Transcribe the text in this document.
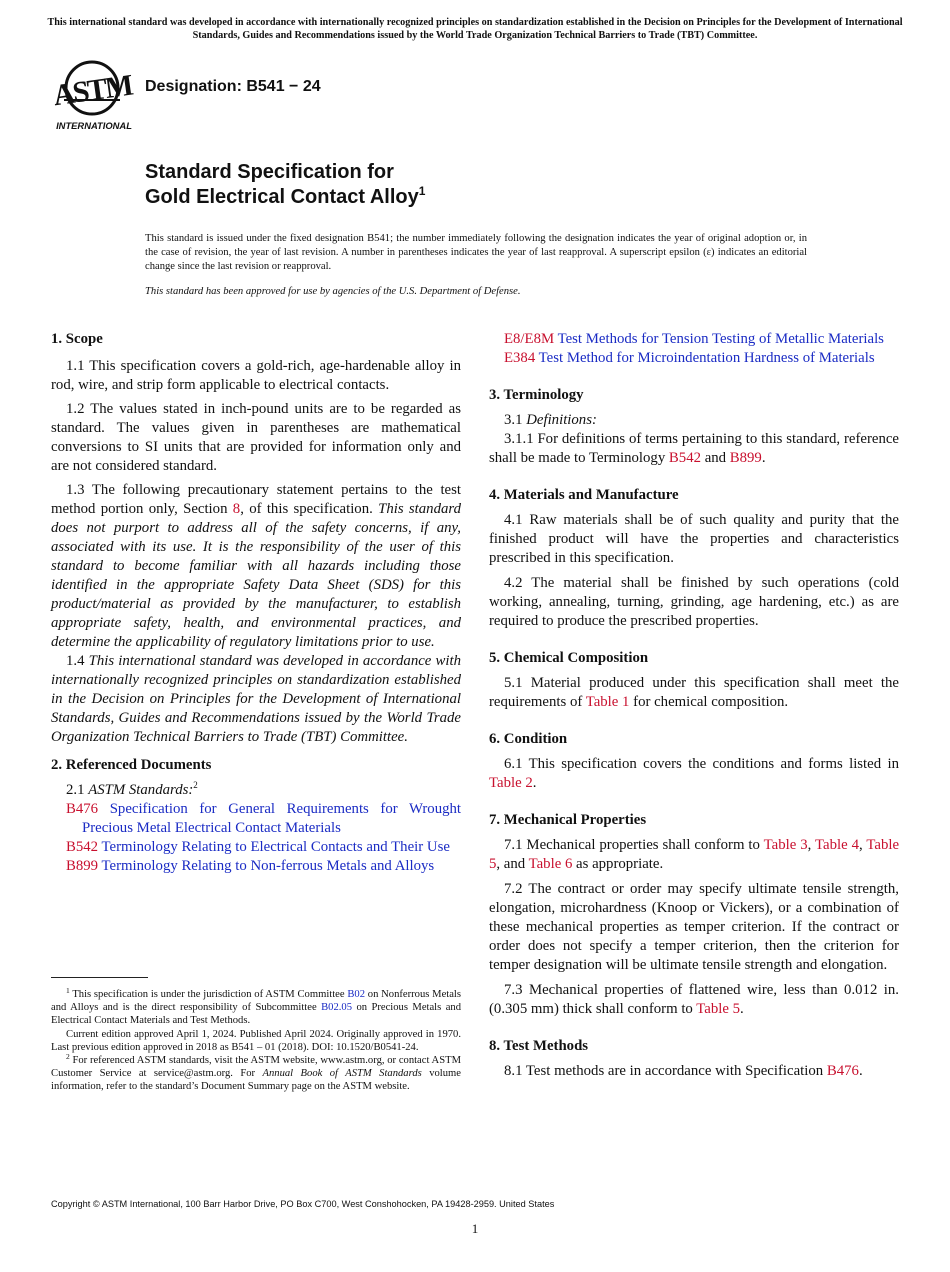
This international standard was developed in accordance with internationally recognized principles on standardization established in the Decision on Principles for the Development of International Standards, Guides and Recommendations issued by the World Trade Organization Technical Barriers to Trade (TBT) Committee.
ASTM
INTERNATIONAL
Designation: B541 − 24
Standard Specification for
Gold Electrical Contact Alloy$^1$
This standard is issued under the fixed designation B541; the number immediately following the designation indicates the year of original adoption or, in the case of revision, the year of last revision. A number in parentheses indicates the year of last reapproval. A superscript epsilon (ε) indicates an editorial change since the last revision or reapproval.
This standard has been approved for use by agencies of the U.S. Department of Defense.

1. Scope

1.1 This specification covers a gold-rich, age-hardenable alloy in rod, wire, and strip form applicable to electrical contacts.

1.2 The values stated in inch-pound units are to be regarded as standard. The values given in parentheses are mathematical conversions to SI units that are provided for information only and are not considered standard.

1.3 The following precautionary statement pertains to the test method portion only, Section 8, of this specification. This standard does not purport to address all of the safety concerns, if any, associated with its use. It is the responsibility of the user of this standard to become familiar with all hazards including those identified in the appropriate Safety Data Sheet (SDS) for this product/material as provided by the manufacturer, to establish appropriate safety, health, and environmental practices, and determine the applicability of regulatory limitations prior to use.

1.4 This international standard was developed in accordance with internationally recognized principles on standardization established in the Decision on Principles for the Development of International Standards, Guides and Recommendations issued by the World Trade Organization Technical Barriers to Trade (TBT) Committee.

2. Referenced Documents

2.1 ASTM Standards:$^2$

B476 Specification for General Requirements for Wrought Precious Metal Electrical Contact Materials

B542 Terminology Relating to Electrical Contacts and Their Use

B899 Terminology Relating to Non-ferrous Metals and Alloys

$^1$ This specification is under the jurisdiction of ASTM Committee B02 on Nonferrous Metals and Alloys and is the direct responsibility of Subcommittee B02.05 on Precious Metals and Electrical Contact Materials and Test Methods.

Current edition approved April 1, 2024. Published April 2024. Originally approved in 1970. Last previous edition approved in 2018 as B541 – 01 (2018). DOI: 10.1520/B0541-24.

$^2$ For referenced ASTM standards, visit the ASTM website, www.astm.org, or contact ASTM Customer Service at service@astm.org. For Annual Book of ASTM Standards volume information, refer to the standard’s Document Summary page on the ASTM website.

E8/E8M Test Methods for Tension Testing of Metallic Materials

E384 Test Method for Microindentation Hardness of Materials

3. Terminology

3.1 Definitions:

3.1.1 For definitions of terms pertaining to this standard, reference shall be made to Terminology B542 and B899.

4. Materials and Manufacture

4.1 Raw materials shall be of such quality and purity that the finished product will have the properties and characteristics prescribed in this specification.

4.2 The material shall be finished by such operations (cold working, annealing, turning, grinding, age hardening, etc.) as are required to produce the prescribed properties.

5. Chemical Composition

5.1 Material produced under this specification shall meet the requirements of Table 1 for chemical composition.

6. Condition

6.1 This specification covers the conditions and forms listed in Table 2.

7. Mechanical Properties

7.1 Mechanical properties shall conform to Table 3, Table 4, Table 5, and Table 6 as appropriate.

7.2 The contract or order may specify ultimate tensile strength, elongation, microhardness (Knoop or Vickers), or a combination of these mechanical properties as temper criterion. If the contract or order does not specify a temper criterion, then the criterion for temper designation will be ultimate tensile strength and elongation.

7.3 Mechanical properties of flattened wire, less than 0.012 in. (0.305 mm) thick shall conform to Table 5.

8. Test Methods

8.1 Test methods are in accordance with Specification B476.

Copyright © ASTM International, 100 Barr Harbor Drive, PO Box C700, West Conshohocken, PA 19428-2959. United States
1
